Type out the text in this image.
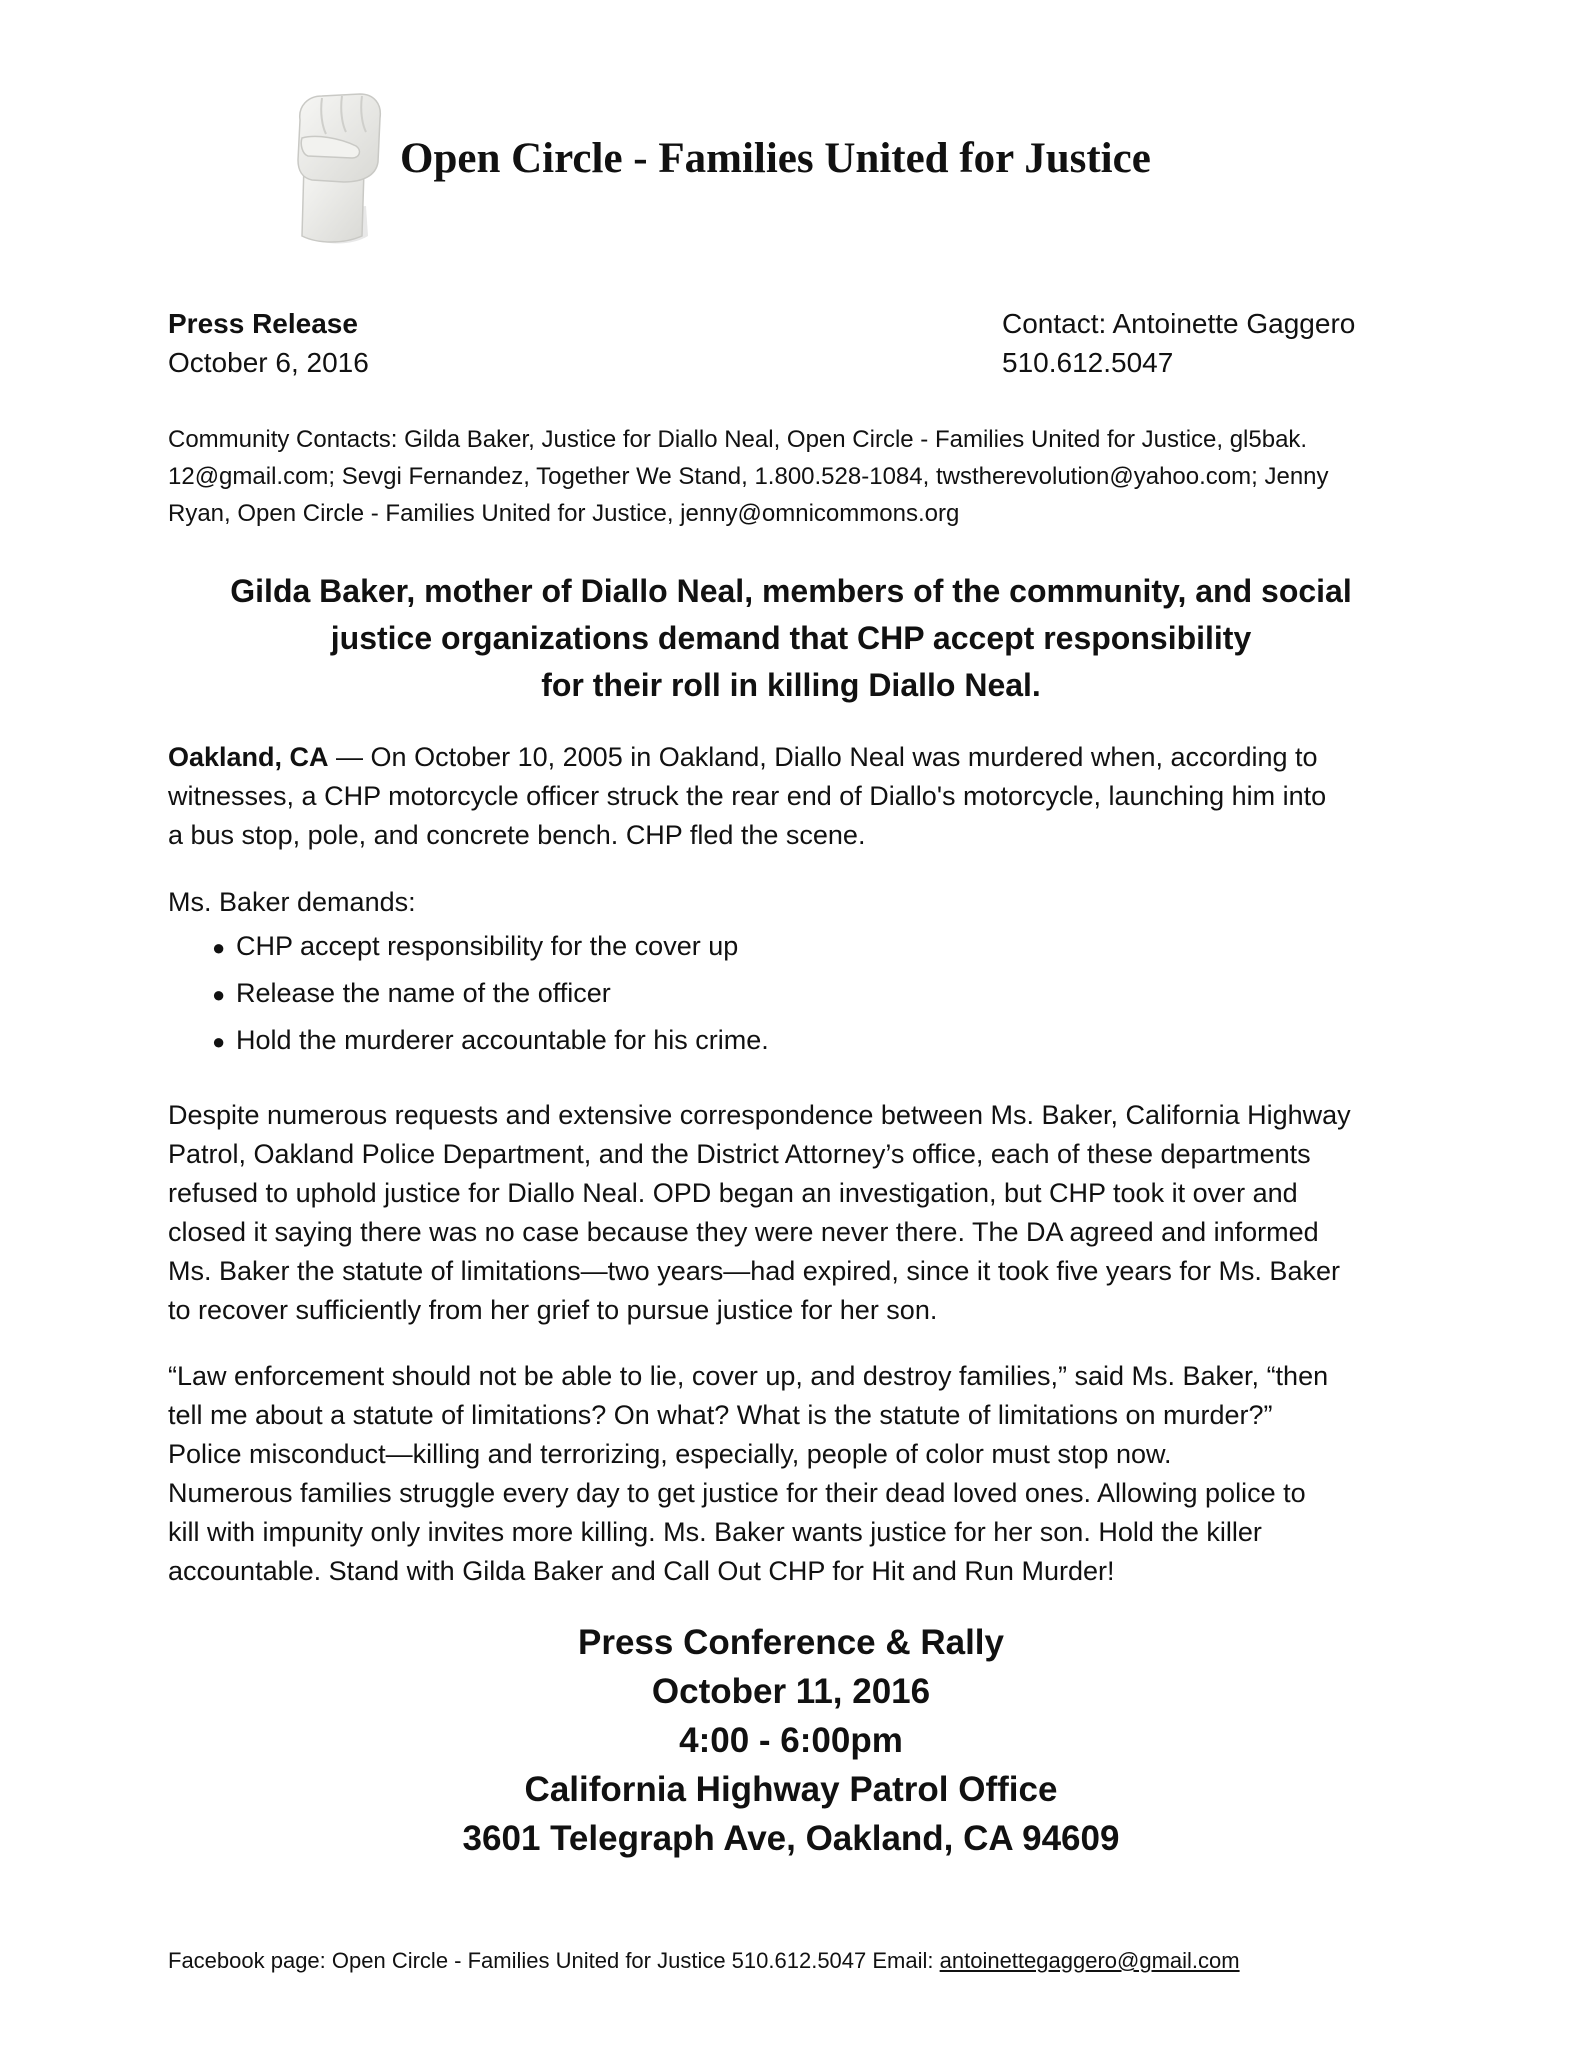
Open Circle - Families United for Justice
Press Release
October 6, 2016
Contact: Antoinette Gaggero
510.612.5047
Community Contacts: Gilda Baker, Justice for Diallo Neal, Open Circle - Families United for Justice, gl5bak.
12@gmail.com; Sevgi Fernandez, Together We Stand, 1.800.528-1084, twstherevolution@yahoo.com; Jenny
Ryan, Open Circle - Families United for Justice, jenny@omnicommons.org
Gilda Baker, mother of Diallo Neal, members of the community, and social
justice organizations demand that CHP accept responsibility
for their roll in killing Diallo Neal.
Oakland, CA — On October 10, 2005 in Oakland, Diallo Neal was murdered when, according to
witnesses, a CHP motorcycle officer struck the rear end of Diallo's motorcycle, launching him into
a bus stop, pole, and concrete bench. CHP fled the scene.
Ms. Baker demands:
● CHP accept responsibility for the cover up
● Release the name of the officer
● Hold the murderer accountable for his crime.
Despite numerous requests and extensive correspondence between Ms. Baker, California Highway
Patrol, Oakland Police Department, and the District Attorney’s office, each of these departments
refused to uphold justice for Diallo Neal. OPD began an investigation, but CHP took it over and
closed it saying there was no case because they were never there. The DA agreed and informed
Ms. Baker the statute of limitations—two years—had expired, since it took five years for Ms. Baker
to recover sufficiently from her grief to pursue justice for her son.
“Law enforcement should not be able to lie, cover up, and destroy families,” said Ms. Baker, “then
tell me about a statute of limitations? On what? What is the statute of limitations on murder?”
Police misconduct—killing and terrorizing, especially, people of color must stop now.
Numerous families struggle every day to get justice for their dead loved ones. Allowing police to
kill with impunity only invites more killing. Ms. Baker wants justice for her son. Hold the killer
accountable. Stand with Gilda Baker and Call Out CHP for Hit and Run Murder!
Press Conference & Rally
October 11, 2016
4:00 - 6:00pm
California Highway Patrol Office
3601 Telegraph Ave, Oakland, CA 94609
Facebook page: Open Circle - Families United for Justice 510.612.5047 Email: antoinettegaggero@gmail.com
